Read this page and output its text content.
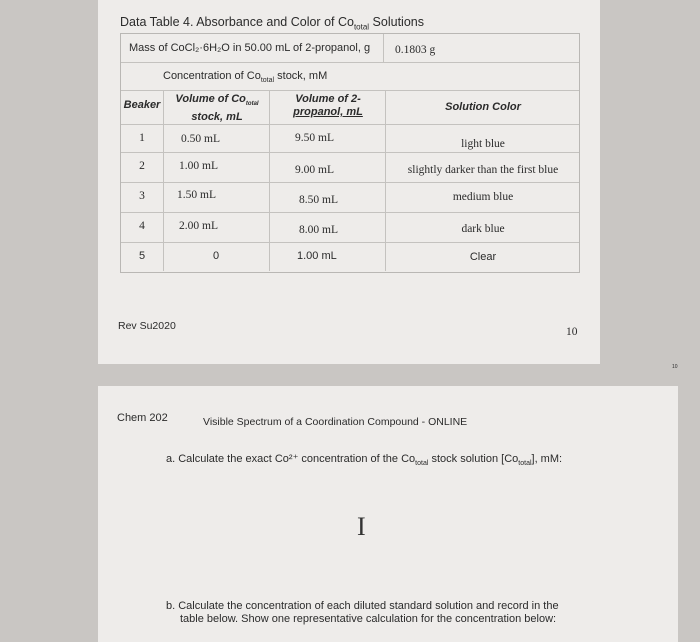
Data Table 4. Absorbance and Color of $Co_{total}$ Solutions
Mass of CoCl₂·6H₂O in 50.00 mL of 2-propanol, g 0.1803 g
Concentration of $Co_{total}$ stock, mM
Beaker	Volume of $Co_{total}$
stock, mL
Volume of 2-
propanol, mL	Solution Color
1	0.50 mL	9.50 mL	light blue
2	1.00 mL	9.00 mL	slightly darker than the first blue
3	1.50 mL	8.50 mL	medium blue
4	2.00 mL	8.00 mL	dark blue
5	0	1.00 mL	Clear
Rev Su2020	10
10
Chem 202	Visible Spectrum of a Coordination Compound - ONLINE
a. Calculate the exact Co²⁺ concentration of the $Co_{total}$ stock solution $[Co_{total}]$, mM:
I
b. Calculate the concentration of each diluted standard solution and record in the
table below. Show one representative calculation for the concentration below:
